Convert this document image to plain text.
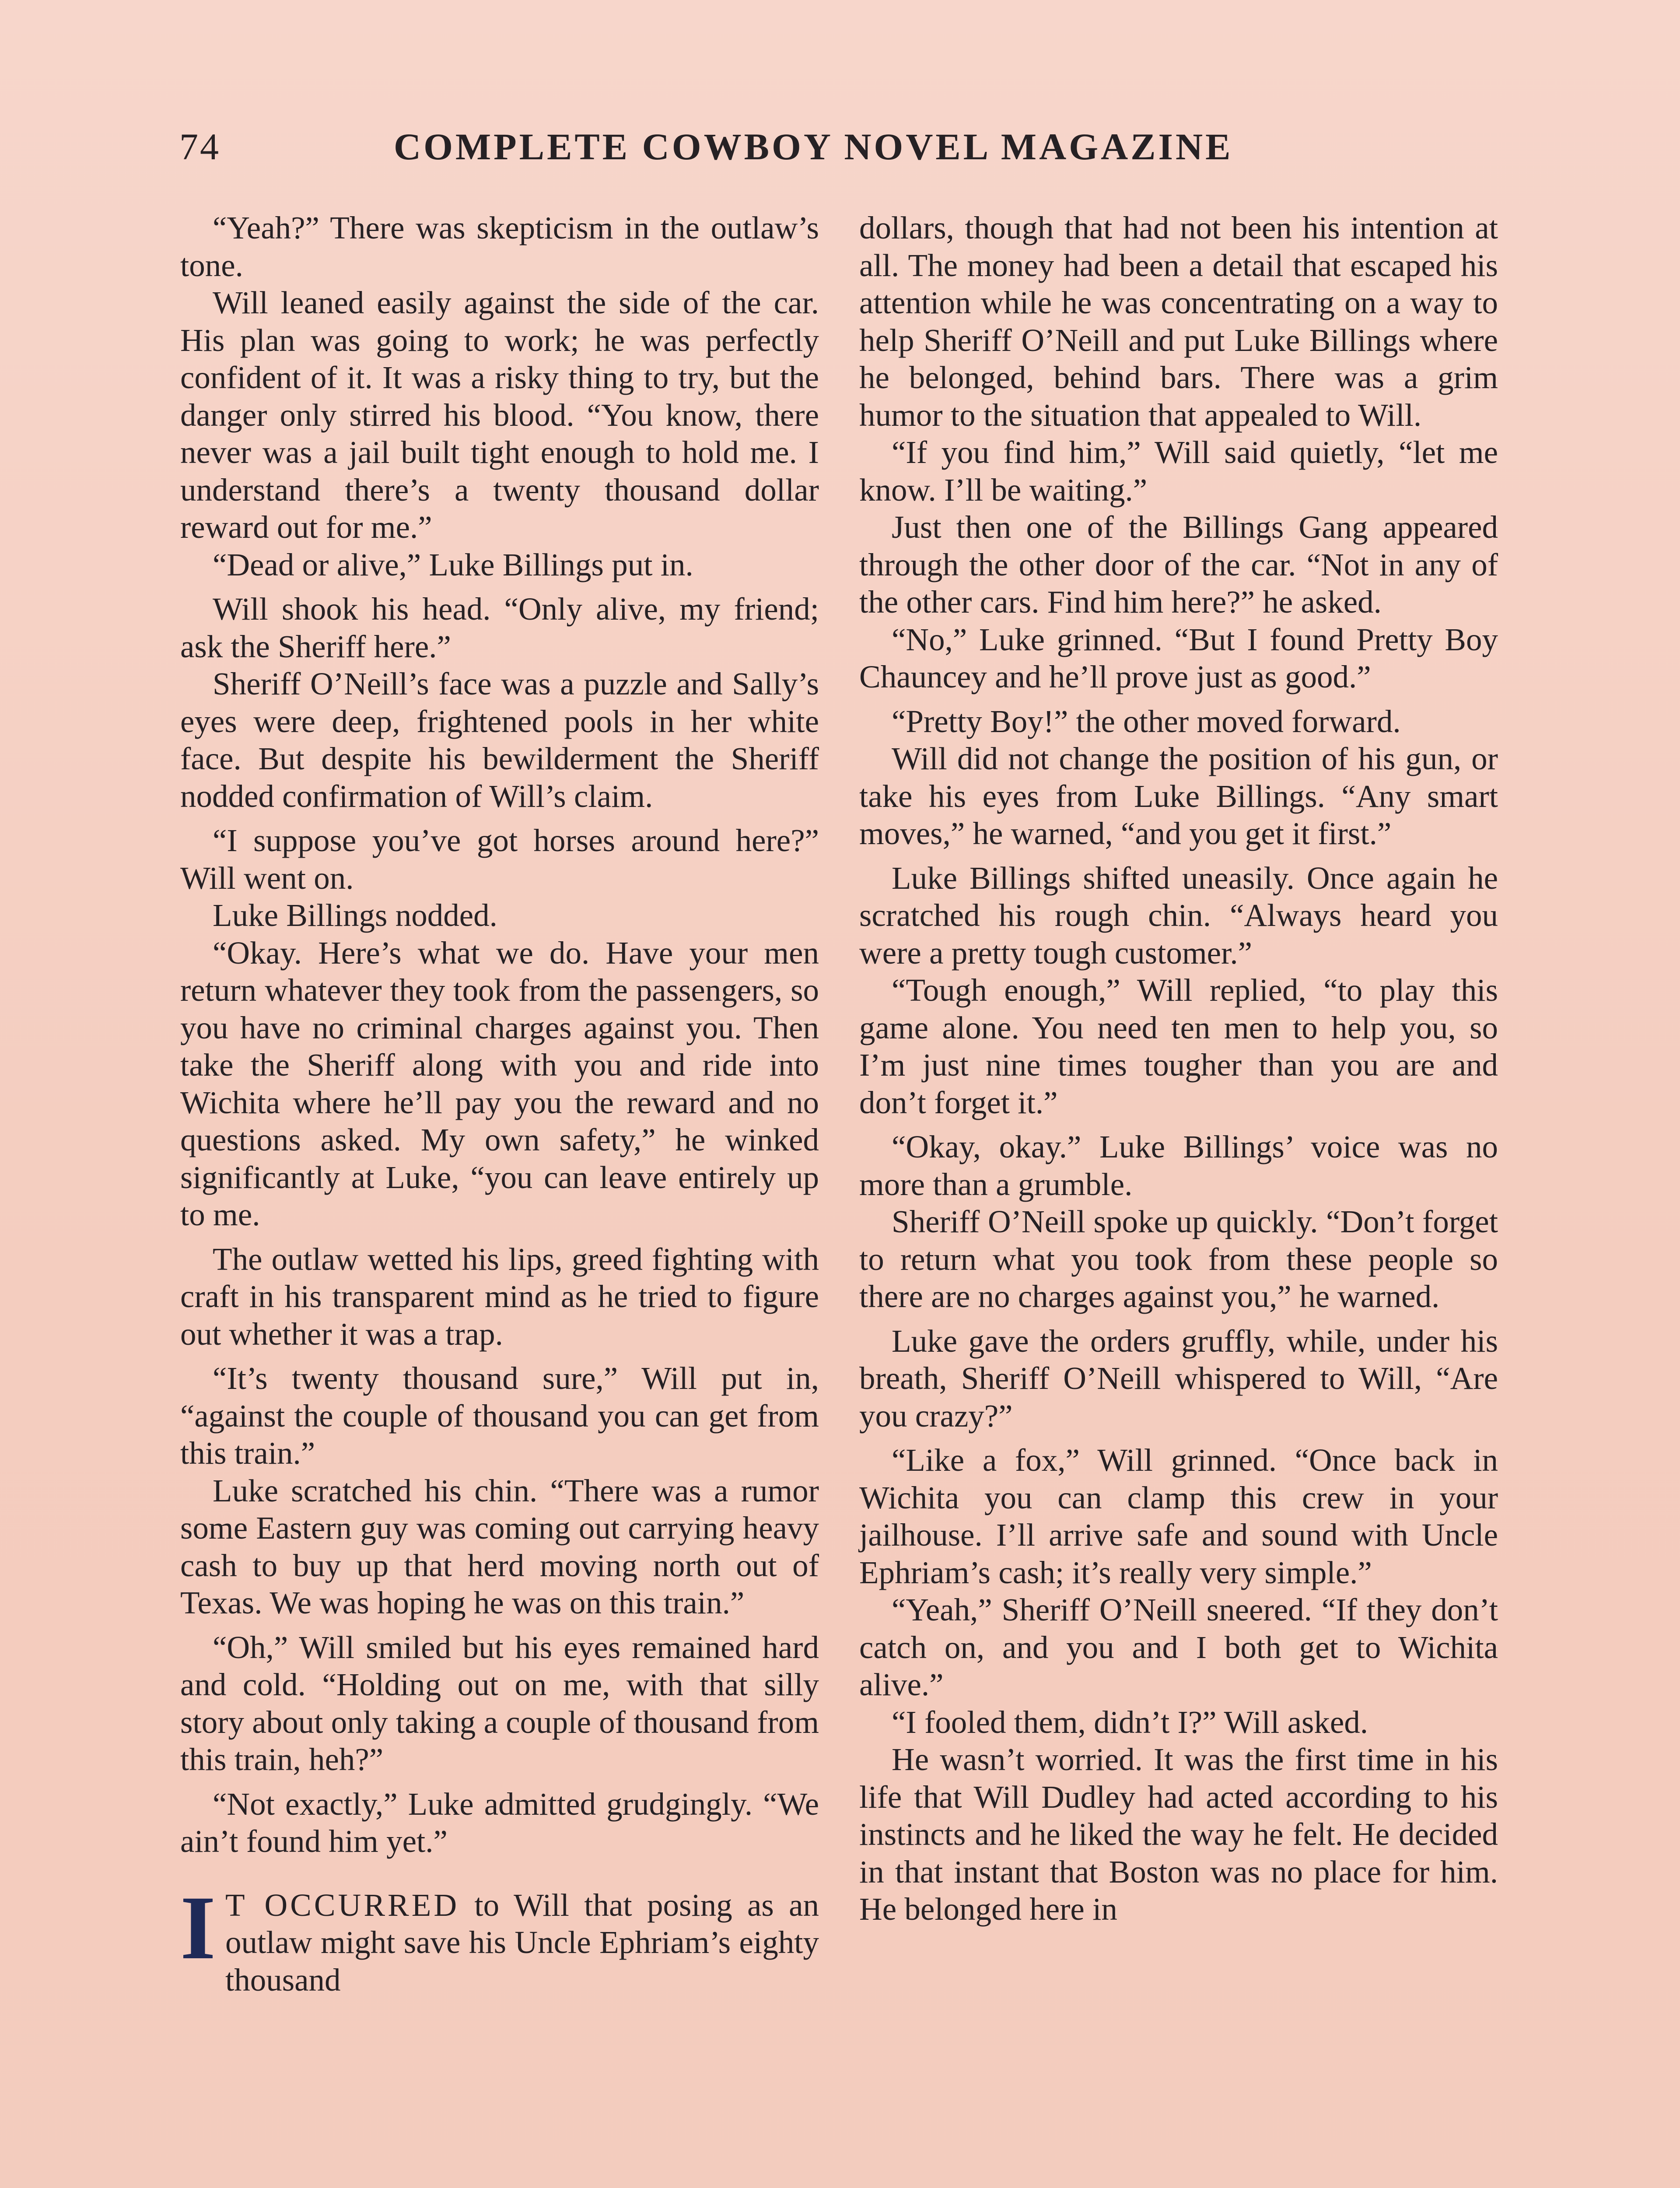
74	COMPLETE COWBOY NOVEL MAGAZINE

“Yeah?” There was skepticism in the outlaw’s tone.

Will leaned easily against the side of the car. His plan was going to work; he was perfectly confident of it. It was a risky thing to try, but the danger only stirred his blood. “You know, there never was a jail built tight enough to hold me. I understand there’s a twenty thousand dollar reward out for me.”

“Dead or alive,” Luke Billings put in.

Will shook his head. “Only alive, my friend; ask the Sheriff here.”

Sheriff O’Neill’s face was a puzzle and Sally’s eyes were deep, frightened pools in her white face. But despite his bewilderment the Sheriff nodded confirmation of Will’s claim.

“I suppose you’ve got horses around here?” Will went on.

Luke Billings nodded.

“Okay. Here’s what we do. Have your men return whatever they took from the passengers, so you have no criminal charges against you. Then take the Sheriff along with you and ride into Wichita where he’ll pay you the reward and no questions asked. My own safety,” he winked significantly at Luke, “you can leave entirely up to me.

The outlaw wetted his lips, greed fighting with craft in his transparent mind as he tried to figure out whether it was a trap.

“It’s twenty thousand sure,” Will put in, “against the couple of thousand you can get from this train.”

Luke scratched his chin. “There was a rumor some Eastern guy was coming out carrying heavy cash to buy up that herd moving north out of Texas. We was hoping he was on this train.”

“Oh,” Will smiled but his eyes remained hard and cold. “Holding out on me, with that silly story about only taking a couple of thousand from this train, heh?”

“Not exactly,” Luke admitted grudgingly. “We ain’t found him yet.”

I T OCCURRED to Will that posing as an outlaw might save his Uncle Ephriam’s eighty thousand

dollars, though that had not been his intention at all. The money had been a detail that escaped his attention while he was concentrating on a way to help Sheriff O’Neill and put Luke Billings where he belonged, behind bars. There was a grim humor to the situation that appealed to Will.

“If you find him,” Will said quietly, “let me know. I’ll be waiting.”

Just then one of the Billings Gang appeared through the other door of the car. “Not in any of the other cars. Find him here?” he asked.

“No,” Luke grinned. “But I found Pretty Boy Chauncey and he’ll prove just as good.”

“Pretty Boy!” the other moved forward.

Will did not change the position of his gun, or take his eyes from Luke Billings. “Any smart moves,” he warned, “and you get it first.”

Luke Billings shifted uneasily. Once again he scratched his rough chin. “Always heard you were a pretty tough customer.”

“Tough enough,” Will replied, “to play this game alone. You need ten men to help you, so I’m just nine times tougher than you are and don’t forget it.”

“Okay, okay.” Luke Billings’ voice was no more than a grumble.

Sheriff O’Neill spoke up quickly. “Don’t forget to return what you took from these people so there are no charges against you,” he warned.

Luke gave the orders gruffly, while, under his breath, Sheriff O’Neill whispered to Will, “Are you crazy?”

“Like a fox,” Will grinned. “Once back in Wichita you can clamp this crew in your jailhouse. I’ll arrive safe and sound with Uncle Ephriam’s cash; it’s really very simple.”

“Yeah,” Sheriff O’Neill sneered. “If they don’t catch on, and you and I both get to Wichita alive.”

“I fooled them, didn’t I?” Will asked.

He wasn’t worried. It was the first time in his life that Will Dudley had acted according to his instincts and he liked the way he felt. He decided in that instant that Boston was no place for him. He belonged here in
